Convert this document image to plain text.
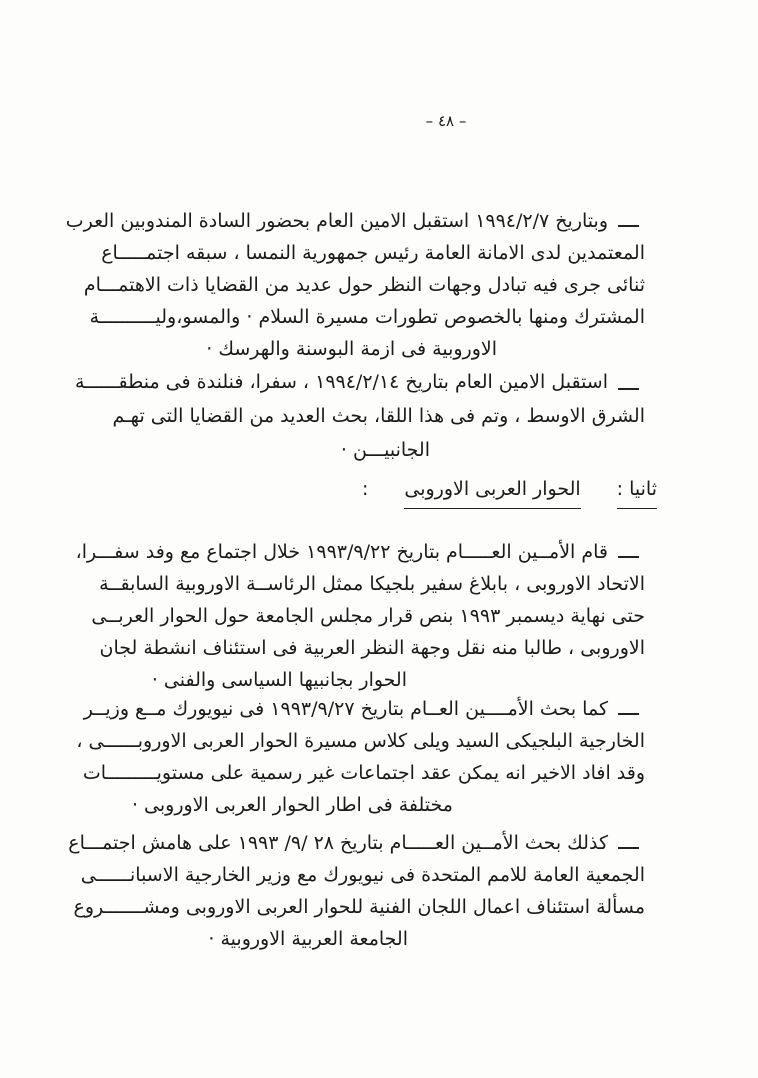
– ٤٨ –
وبتاريخ ١٩٩٤/٢/٧ استقبل الامين العام بحضور السادة المندوبين العرب
المعتمدين لدى الامانة العامة رئيس جمهورية النمسا ، سبقه اجتمـــــاع
ثنائى جرى فيه تبادل وجهات النظر حول عديد من القضايا ذات الاهتمـــام
المشترك ومنها بالخصوص تطورات مسيرة السلام · والمسو،وليــــــــــة
الاوروبية فى ازمة البوسنة والهرسك ·
استقبل الامين العام بتاريخ ١٩٩٤/٢/١٤ ، سفرا، فنلندة فى منطقــــــة
الشرق الاوسط ، وتم فى هذا اللقا، بحث العديد من القضايا التى تهـم
الجانبيـــن ·
ثانيا :
الحوار العربى الاوروبى
:
قام الأمــين العـــــام بتاريخ ١٩٩٣/٩/٢٢ خلال اجتماع مع وفد سفـــرا،
الاتحاد الاوروبى ، بابلاغ سفير بلجيكا ممثل الرئاســة الاوروبية السابقــة
حتى نهاية ديسمبر ١٩٩٣ بنص قرار مجلس الجامعة حول الحوار العربــى
الاوروبى ، طالبا منه نقل وجهة النظر العربية فى استئناف انشطة لجان
الحوار بجانبيها السياسى والفنى ·
كما بحث الأمــــين العــام بتاريخ ١٩٩٣/٩/٢٧ فى نيويورك مــع وزيــر
الخارجية البلجيكى السيد ويلى كلاس مسيرة الحوار العربى الاوروبــــــى ،
وقد افاد الاخير انه يمكن عقد اجتماعات غير رسمية على مستويـــــــــات
مختلفة فى اطار الحوار العربى الاوروبى ·
كذلك بحث الأمــين العـــــام بتاريخ ٢٨ /٩/ ١٩٩٣ على هامش اجتمـــاع
الجمعية العامة للامم المتحدة فى نيويورك مع وزير الخارجية الاسبانــــــى
مسألة استئناف اعمال اللجان الفنية للحوار العربى الاوروبى ومشـــــــروع
الجامعة العربية الاوروبية ·
